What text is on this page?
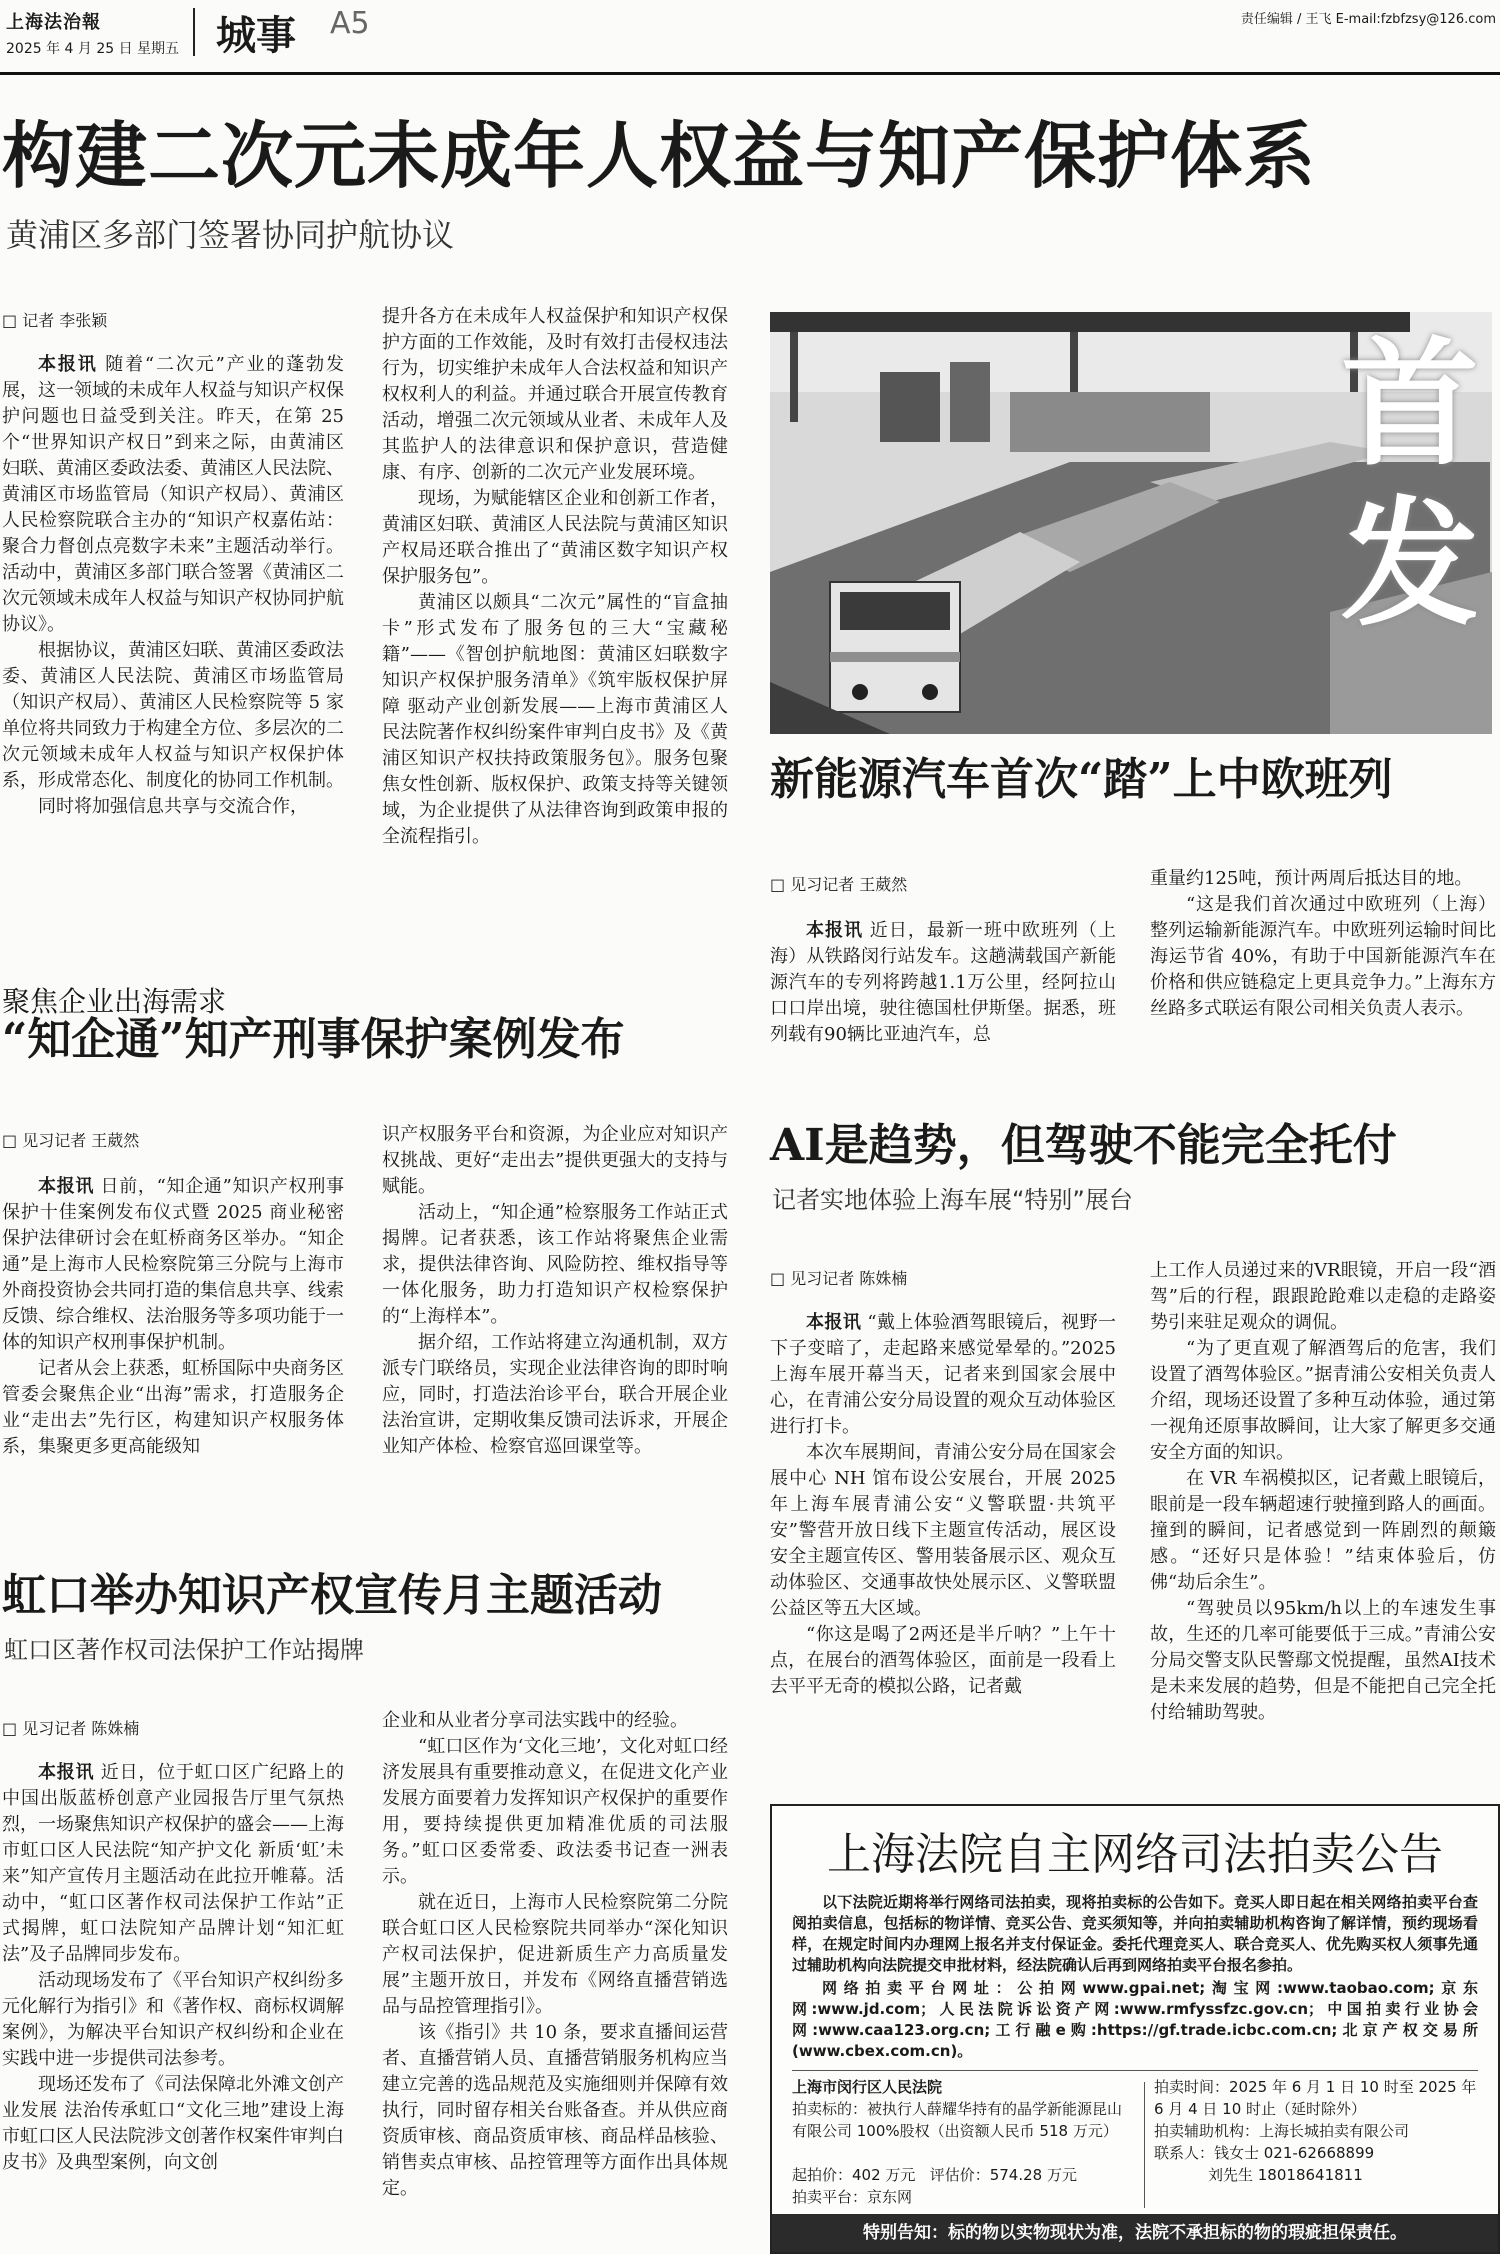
上海法治報
2025 年 4 月 25 日 星期五 城事 A5	责任编辑 / 王飞 E-mail:fzbfzsy@126.com
构建二次元未成年人权益与知产保护体系
黄浦区多部门签署协同护航协议
□ 记者 李张颖

本报讯 随着“二次元”产业的蓬勃发展，这一领域的未成年人权益与知识产权保护问题也日益受到关注。昨天，在第 25 个“世界知识产权日”到来之际，由黄浦区妇联、黄浦区委政法委、黄浦区人民法院、黄浦区市场监管局（知识产权局）、黄浦区人民检察院联合主办的“知识产权嘉佑站：聚合力督创点亮数字未来”主题活动举行。活动中，黄浦区多部门联合签署《黄浦区二次元领域未成年人权益与知识产权协同护航协议》。

根据协议，黄浦区妇联、黄浦区委政法委、黄浦区人民法院、黄浦区市场监管局（知识产权局）、黄浦区人民检察院等 5 家单位将共同致力于构建全方位、多层次的二次元领域未成年人权益与知识产权保护体系，形成常态化、制度化的协同工作机制。

同时将加强信息共享与交流合作，

提升各方在未成年人权益保护和知识产权保护方面的工作效能，及时有效打击侵权违法行为，切实维护未成年人合法权益和知识产权权利人的利益。并通过联合开展宣传教育活动，增强二次元领域从业者、未成年人及其监护人的法律意识和保护意识，营造健康、有序、创新的二次元产业发展环境。

现场，为赋能辖区企业和创新工作者，黄浦区妇联、黄浦区人民法院与黄浦区知识产权局还联合推出了“黄浦区数字知识产权保护服务包”。

黄浦区以颇具“二次元”属性的“盲盒抽卡”形式发布了服务包的三大“宝藏秘籍”——《智创护航地图：黄浦区妇联数字知识产权保护服务清单》《筑牢版权保护屏障 驱动产业创新发展——上海市黄浦区人民法院著作权纠纷案件审判白皮书》及《黄浦区知识产权扶持政策服务包》。服务包聚焦女性创新、版权保护、政策支持等关键领域，为企业提供了从法律咨询到政策申报的全流程指引。

首
发
新能源汽车首次“踏”上中欧班列
□ 见习记者 王葳然

本报讯 近日，最新一班中欧班列（上海）从铁路闵行站发车。这趟满载国产新能源汽车的专列将跨越1.1万公里，经阿拉山口口岸出境，驶往德国杜伊斯堡。据悉，班列载有90辆比亚迪汽车，总

重量约125吨，预计两周后抵达目的地。

“这是我们首次通过中欧班列（上海）整列运输新能源汽车。中欧班列运输时间比海运节省 40%，有助于中国新能源汽车在价格和供应链稳定上更具竞争力。”上海东方丝路多式联运有限公司相关负责人表示。

聚焦企业出海需求
“知企通”知产刑事保护案例发布
□ 见习记者 王葳然

本报讯 日前，“知企通”知识产权刑事保护十佳案例发布仪式暨 2025 商业秘密保护法律研讨会在虹桥商务区举办。“知企通”是上海市人民检察院第三分院与上海市外商投资协会共同打造的集信息共享、线索反馈、综合维权、法治服务等多项功能于一体的知识产权刑事保护机制。

记者从会上获悉，虹桥国际中央商务区管委会聚焦企业“出海”需求，打造服务企业“走出去”先行区，构建知识产权服务体系，集聚更多更高能级知

识产权服务平台和资源，为企业应对知识产权挑战、更好“走出去”提供更强大的支持与赋能。

活动上，“知企通”检察服务工作站正式揭牌。记者获悉，该工作站将聚焦企业需求，提供法律咨询、风险防控、维权指导等一体化服务，助力打造知识产权检察保护的“上海样本”。

据介绍，工作站将建立沟通机制，双方派专门联络员，实现企业法律咨询的即时响应，同时，打造法治诊平台，联合开展企业法治宣讲，定期收集反馈司法诉求，开展企业知产体检、检察官巡回课堂等。

AI是趋势，但驾驶不能完全托付
记者实地体验上海车展“特别”展台
□ 见习记者 陈姝楠

本报讯 “戴上体验酒驾眼镜后，视野一下子变暗了，走起路来感觉晕晕的。”2025 上海车展开幕当天，记者来到国家会展中心，在青浦公安分局设置的观众互动体验区进行打卡。

本次车展期间，青浦公安分局在国家会展中心 NH 馆布设公安展台，开展 2025 年上海车展青浦公安“义警联盟·共筑平安”警营开放日线下主题宣传活动，展区设安全主题宣传区、警用装备展示区、观众互动体验区、交通事故快处展示区、义警联盟公益区等五大区域。

“你这是喝了2两还是半斤呐？”上午十点，在展台的酒驾体验区，面前是一段看上去平平无奇的模拟公路，记者戴

上工作人员递过来的VR眼镜，开启一段“酒驾”后的行程，跟跟跄跄难以走稳的走路姿势引来驻足观众的调侃。

“为了更直观了解酒驾后的危害，我们设置了酒驾体验区。”据青浦公安相关负责人介绍，现场还设置了多种互动体验，通过第一视角还原事故瞬间，让大家了解更多交通安全方面的知识。

在 VR 车祸模拟区，记者戴上眼镜后，眼前是一段车辆超速行驶撞到路人的画面。撞到的瞬间，记者感觉到一阵剧烈的颠簸感。“还好只是体验！”结束体验后，仿佛“劫后余生”。

“驾驶员以95km/h以上的车速发生事故，生还的几率可能要低于三成。”青浦公安分局交警支队民警鄢文悦提醒，虽然AI技术是未来发展的趋势，但是不能把自己完全托付给辅助驾驶。

虹口举办知识产权宣传月主题活动
虹口区著作权司法保护工作站揭牌
□ 见习记者 陈姝楠

本报讯 近日，位于虹口区广纪路上的中国出版蓝桥创意产业园报告厅里气氛热烈，一场聚焦知识产权保护的盛会——上海市虹口区人民法院“知产护文化 新质‘虹’未来”知产宣传月主题活动在此拉开帷幕。活动中，“虹口区著作权司法保护工作站”正式揭牌，虹口法院知产品牌计划“知汇虹法”及子品牌同步发布。

活动现场发布了《平台知识产权纠纷多元化解行为指引》和《著作权、商标权调解案例》，为解决平台知识产权纠纷和企业在实践中进一步提供司法参考。

现场还发布了《司法保障北外滩文创产业发展 法治传承虹口“文化三地”建设上海市虹口区人民法院涉文创著作权案件审判白皮书》及典型案例，向文创

企业和从业者分享司法实践中的经验。

“虹口区作为‘文化三地’，文化对虹口经济发展具有重要推动意义，在促进文化产业发展方面要着力发挥知识产权保护的重要作用，要持续提供更加精准优质的司法服务。”虹口区委常委、政法委书记查一洲表示。

就在近日，上海市人民检察院第二分院联合虹口区人民检察院共同举办“深化知识产权司法保护，促进新质生产力高质量发展”主题开放日，并发布《网络直播营销选品与品控管理指引》。

该《指引》共 10 条，要求直播间运营者、直播营销人员、直播营销服务机构应当建立完善的选品规范及实施细则并保障有效执行，同时留存相关台账备查。并从供应商资质审核、商品资质审核、商品样品核验、销售卖点审核、品控管理等方面作出具体规定。

上海法院自主网络司法拍卖公告

以下法院近期将举行网络司法拍卖，现将拍卖标的公告如下。竞买人即日起在相关网络拍卖平台查阅拍卖信息，包括标的物详情、竞买公告、竞买须知等，并向拍卖辅助机构咨询了解详情，预约现场看样，在规定时间内办理网上报名并支付保证金。委托代理竞买人、联合竞买人、优先购买权人须事先通过辅助机构向法院提交申批材料，经法院确认后再到网络拍卖平台报名参拍。

网络拍卖平台网址：公拍网www.gpai.net;淘宝网:www.taobao.com;京东网:www.jd.com；人民法院诉讼资产网:www.rmfyssfzc.gov.cn；中国拍卖行业协会网:www.caa123.org.cn;工行融e购:https://gf.trade.icbc.com.cn;北京产权交易所(www.cbex.com.cn)。

上海市闵行区人民法院
拍卖标的：被执行人薛耀华持有的晶学新能源昆山有限公司 100%股权（出资额人民币 518 万元）
起拍价：402 万元 评估价：574.28 万元
拍卖平台：京东网
拍卖时间：2025 年 6 月 1 日 10 时至 2025 年 6 月 4 日 10 时止（延时除外）
拍卖辅助机构：上海长城拍卖有限公司
联系人：钱女士 021-62668899
刘先生 18018641811
特别告知：标的物以实物现状为准，法院不承担标的物的瑕疵担保责任。
